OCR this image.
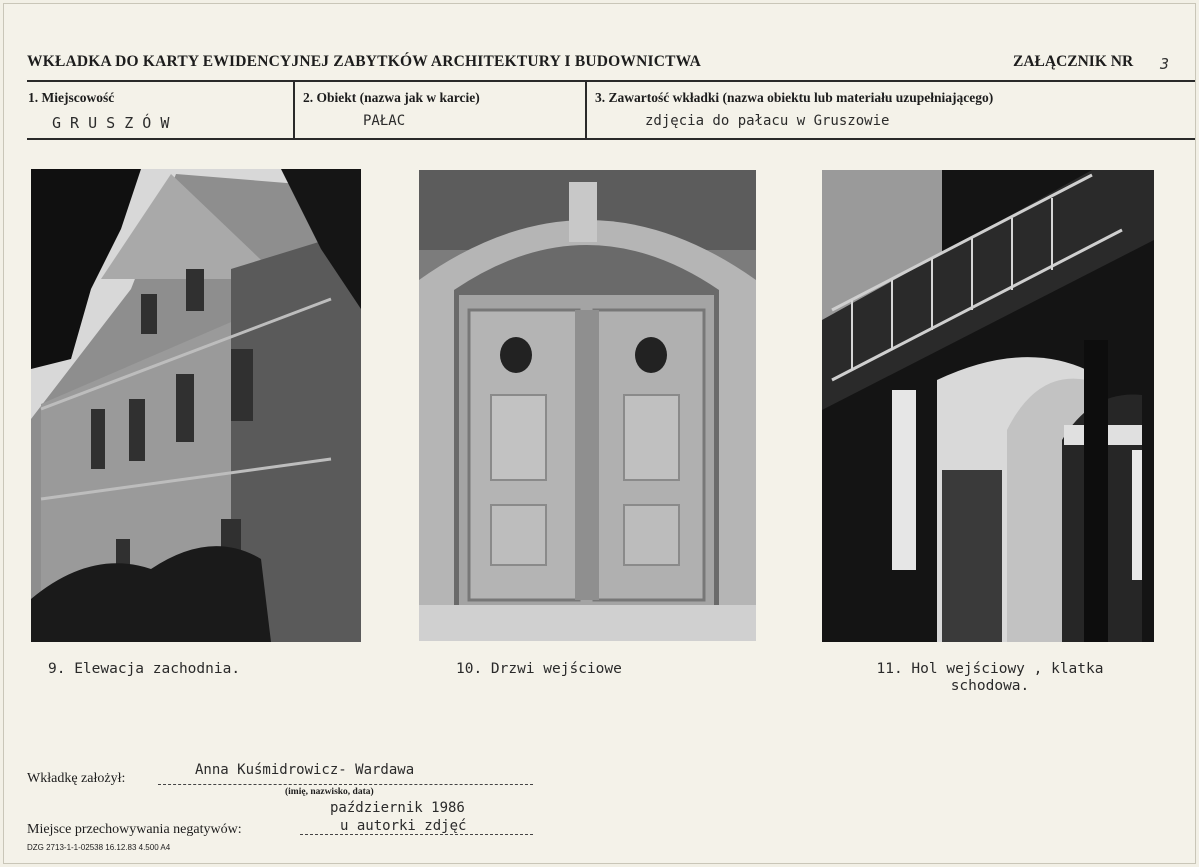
WKŁADKA DO KARTY EWIDENCYJNEJ ZABYTKÓW ARCHITEKTURY I BUDOWNICTWA	ZAŁĄCZNIK NR 3
1. Miejscowość
G R U S Z Ó W
2. Obiekt (nazwa jak w karcie)
PAŁAC
3. Zawartość wkładki (nazwa obiektu lub materiału uzupełniającego)
zdjęcia do pałacu w Gruszowie
9. Elewacja zachodnia.	10. Drzwi wejściowe	11. Hol wejściowy , klatka
schodowa.
Wkładkę założył:
Anna Kuśmidrowicz- Wardawa
(imię, nazwisko, data)
październik 1986
Miejsce przechowywania negatywów:	u autorki zdjęć
DZG 2713-1-1-02538 16.12.83 4.500 A4
